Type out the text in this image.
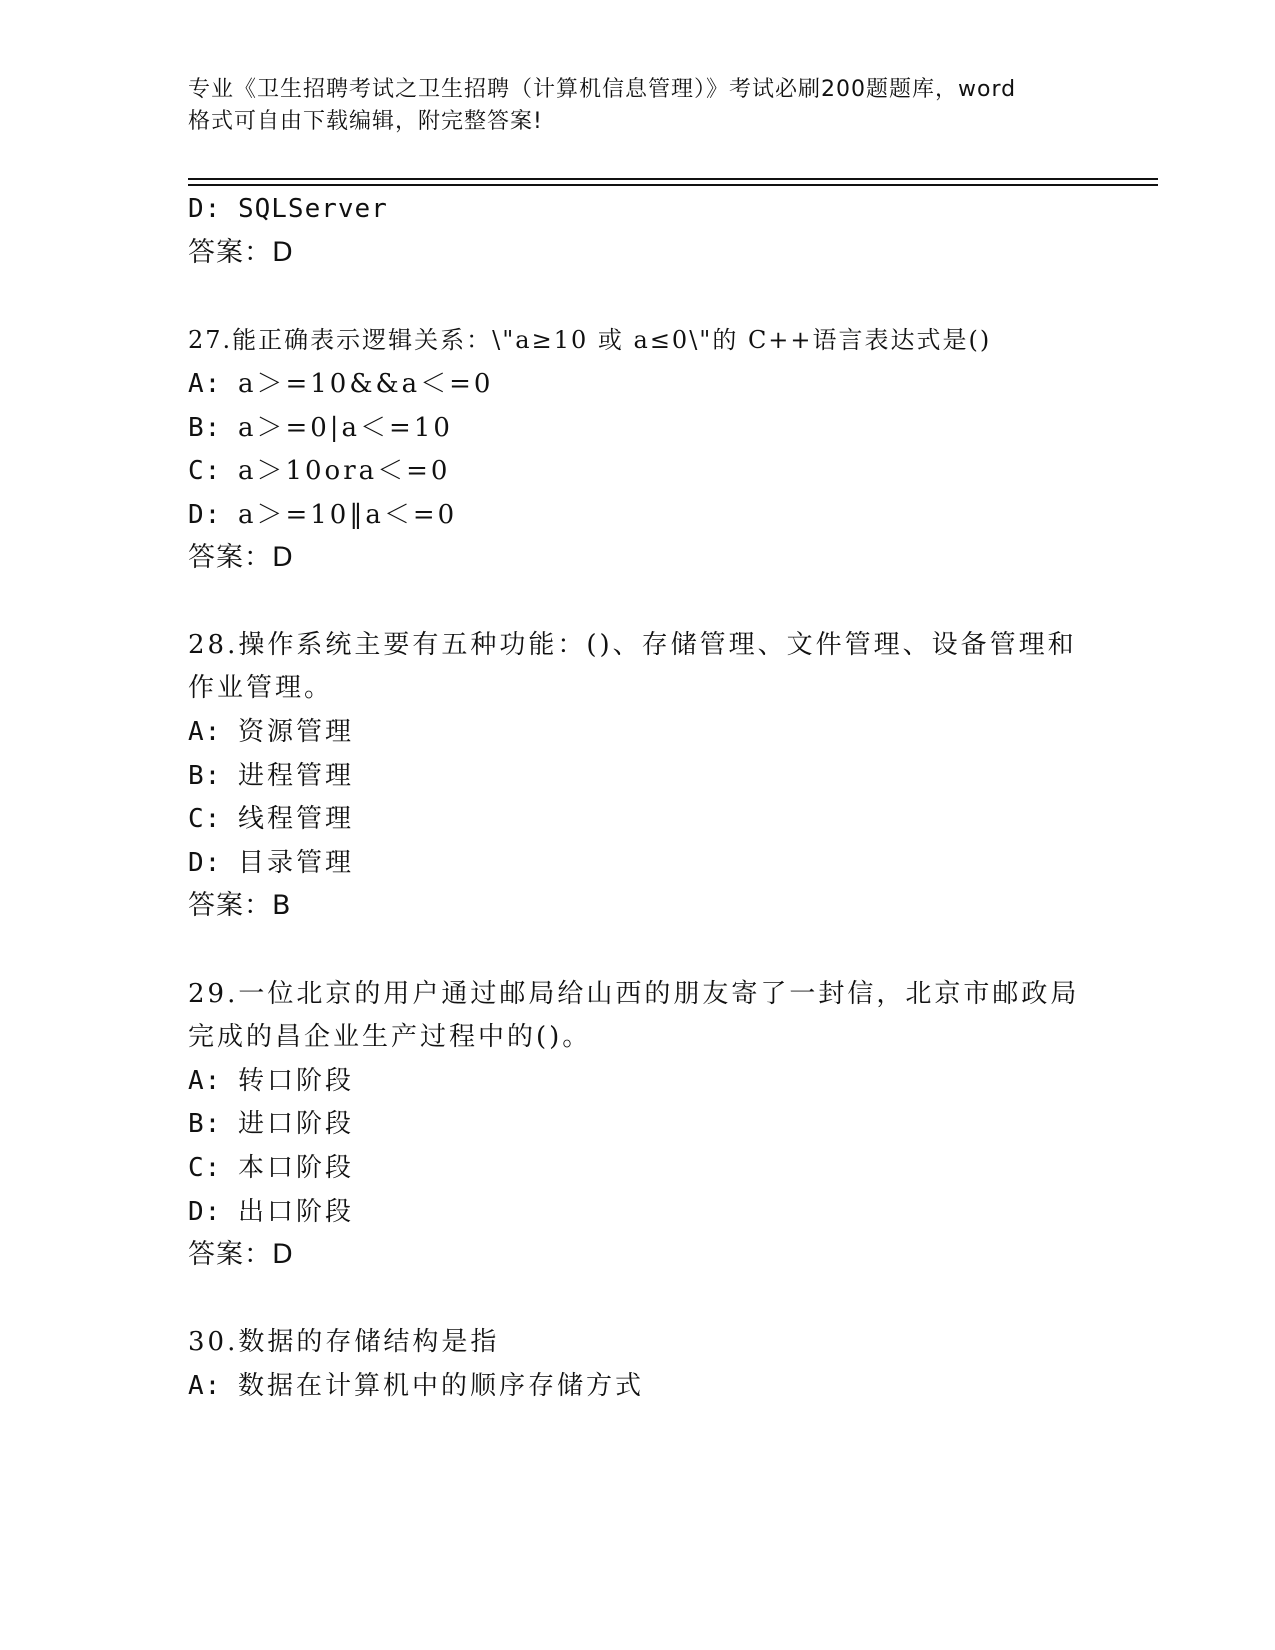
专业《卫生招聘考试之卫生招聘（计算机信息管理）》考试必刷200题题库，word
格式可自由下载编辑，附完整答案!
D: SQLServer
答案：D
27.能正确表示逻辑关系：\"a≥10 或 a≤0\"的 C++语言表达式是()
A: a＞=10&&a＜=0
B: a＞=0|a＜=10
C: a＞10ora＜=0
D: a＞=10‖a＜=0
答案：D
28.操作系统主要有五种功能：()、存储管理、文件管理、设备管理和
作业管理。
A: 资源管理
B: 进程管理
C: 线程管理
D: 目录管理
答案：B
29.一位北京的用户通过邮局给山西的朋友寄了一封信，北京市邮政局
完成的昌企业生产过程中的()。
A: 转口阶段
B: 进口阶段
C: 本口阶段
D: 出口阶段
答案：D
30.数据的存储结构是指
A: 数据在计算机中的顺序存储方式
